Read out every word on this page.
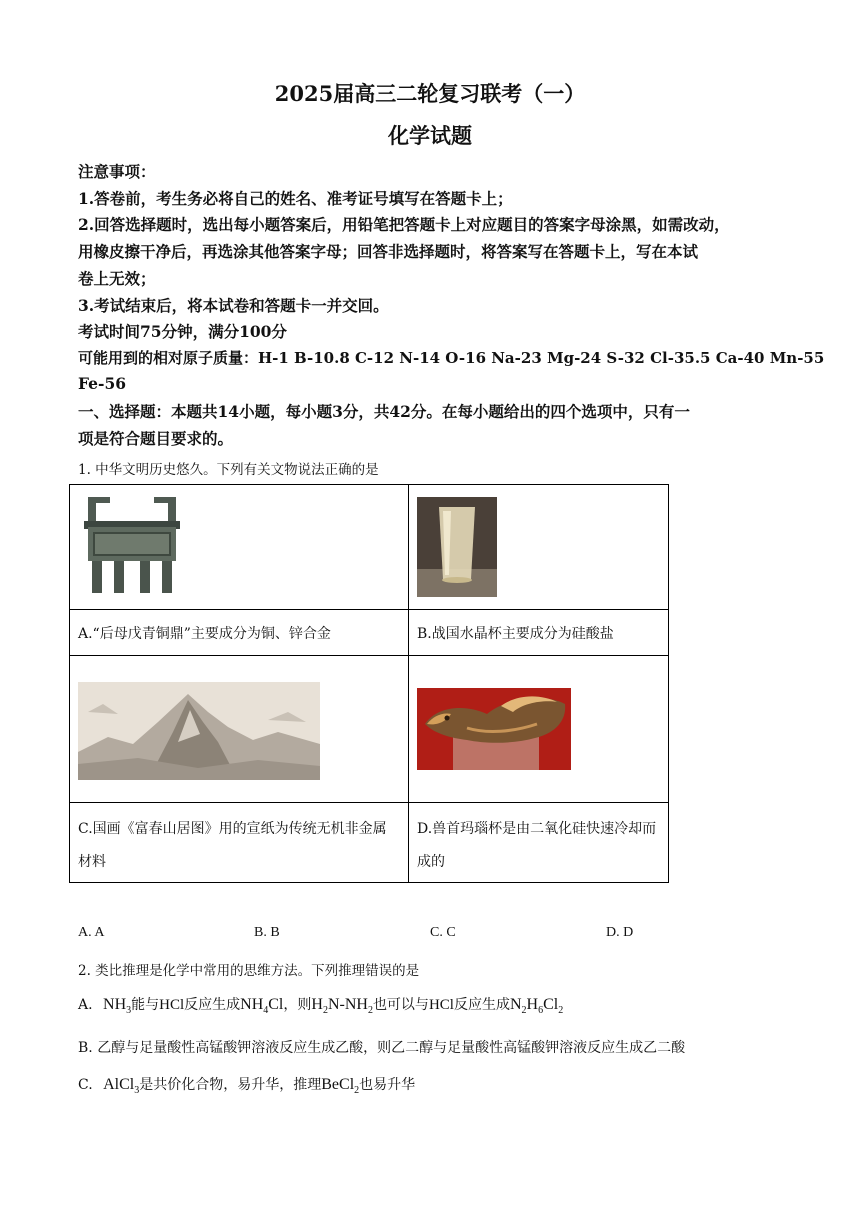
2025届高三二轮复习联考（一）
化学试题
注意事项：
1.答卷前，考生务必将自己的姓名、准考证号填写在答题卡上；
2.回答选择题时，选出每小题答案后，用铅笔把答题卡上对应题目的答案字母涂黑，如需改动，
用橡皮擦干净后，再选涂其他答案字母；回答非选择题时，将答案写在答题卡上，写在本试
卷上无效；
3.考试结束后，将本试卷和答题卡一并交回。
考试时间75分钟，满分100分
可能用到的相对原子质量：H-1 B-10.8 C-12 N-14 O-16 Na-23 Mg-24 S-32 Cl-35.5 Ca-40 Mn-55
Fe-56
一、选择题：本题共14小题，每小题3分，共42分。在每小题给出的四个选项中，只有一
项是符合题目要求的。
1. 中华文明历史悠久。下列有关文物说法正确的是

A.“后母戊青铜鼎”主要成分为铜、锌合金	B.战国水晶杯主要成分为硅酸盐

C.国画《富春山居图》用的宣纸为传统无机非金属材料	D.兽首玛瑙杯是由二氧化硅快速冷却而成的
A. A	B. B	C. C	D. D
2. 类比推理是化学中常用的思维方法。下列推理错误的是
A. $NH_3$能与HCl反应生成$NH_4Cl$，则$H_2N-NH_2$也可以与HCl反应生成$N_2H_6Cl_2$
B. 乙醇与足量酸性高锰酸钾溶液反应生成乙酸，则乙二醇与足量酸性高锰酸钾溶液反应生成乙二酸
C. AlCl$_3$是共价化合物，易升华，推理BeCl$_2$也易升华
